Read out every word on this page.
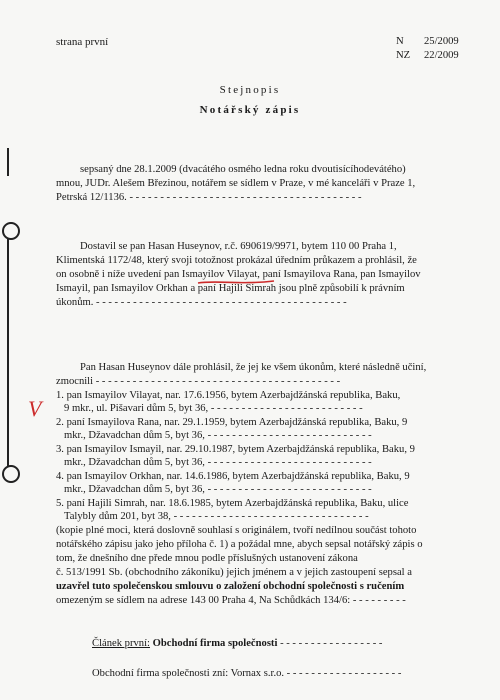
strana první	N 25/2009
NZ 22/2009
Stejnopis
Notářský zápis
sepsaný dne 28.1.2009 (dvacátého osmého ledna roku dvoutisícíhodevátého)
mnou, JUDr. Alešem Březinou, notářem se sídlem v Praze, v mé kanceláři v Praze 1,
Petrská 12/1136. - - - - - - - - - - - - - - - - - - - - - - - - - - - - - - - - - - - - - -
Dostavil se pan Hasan Huseynov, r.č. 690619/9971, bytem 110 00 Praha 1,
Klimentská 1172/48, který svoji totožnost prokázal úředním průkazem a prohlásil, že
on osobně i níže uvedení pan Ismayilov Vilayat, paní Ismayilova Rana, pan Ismayilov
Ismayil, pan Ismayilov Orkhan a paní Hajili Simrah jsou plně způsobilí k právním
úkonům. - - - - - - - - - - - - - - - - - - - - - - - - - - - - - - - - - - - - - - - - -
Pan Hasan Huseynov dále prohlásil, že jej ke všem úkonům, které následně učiní,
zmocnili - - - - - - - - - - - - - - - - - - - - - - - - - - - - - - - - - - - - - - - -
V
1. pan Ismayilov Vilayat, nar. 17.6.1956, bytem Azerbajdžánská republika, Baku,
9 mkr., ul. Pišavari dům 5, byt 36, - - - - - - - - - - - - - - - - - - - - - - - - -
2. paní Ismayilova Rana, nar. 29.1.1959, bytem Azerbajdžánská republika, Baku, 9
mkr., Džavadchan dům 5, byt 36, - - - - - - - - - - - - - - - - - - - - - - - - - - -
3. pan Ismayilov Ismayil, nar. 29.10.1987, bytem Azerbajdžánská republika, Baku, 9
mkr., Džavadchan dům 5, byt 36, - - - - - - - - - - - - - - - - - - - - - - - - - - -
4. pan Ismayilov Orkhan, nar. 14.6.1986, bytem Azerbajdžánská republika, Baku, 9
mkr., Džavadchan dům 5, byt 36, - - - - - - - - - - - - - - - - - - - - - - - - - - -
5. paní Hajili Simrah, nar. 18.6.1985, bytem Azerbajdžánská republika, Baku, ulice
Talybly dům 201, byt 38, - - - - - - - - - - - - - - - - - - - - - - - - - - - - - - - -
(kopie plné moci, která doslovně souhlasí s originálem, tvoří nedílnou součást tohoto
notářského zápisu jako jeho příloha č. 1) a požádal mne, abych sepsal notářský zápis o
tom, že dnešního dne přede mnou podle příslušných ustanovení zákona
č. 513/1991 Sb. (obchodního zákoníku) jejich jménem a v jejich zastoupení sepsal a
uzavřel tuto společenskou smlouvu o založení obchodní společnosti s ručením
omezeným se sídlem na adrese 143 00 Praha 4, Na Schůdkách 134/6: - - - - - - - - -
Článek první: Obchodní firma společnosti - - - - - - - - - - - - - - - - -
Obchodní firma společnosti zní: Vornax s.r.o. - - - - - - - - - - - - - - - - - - -
